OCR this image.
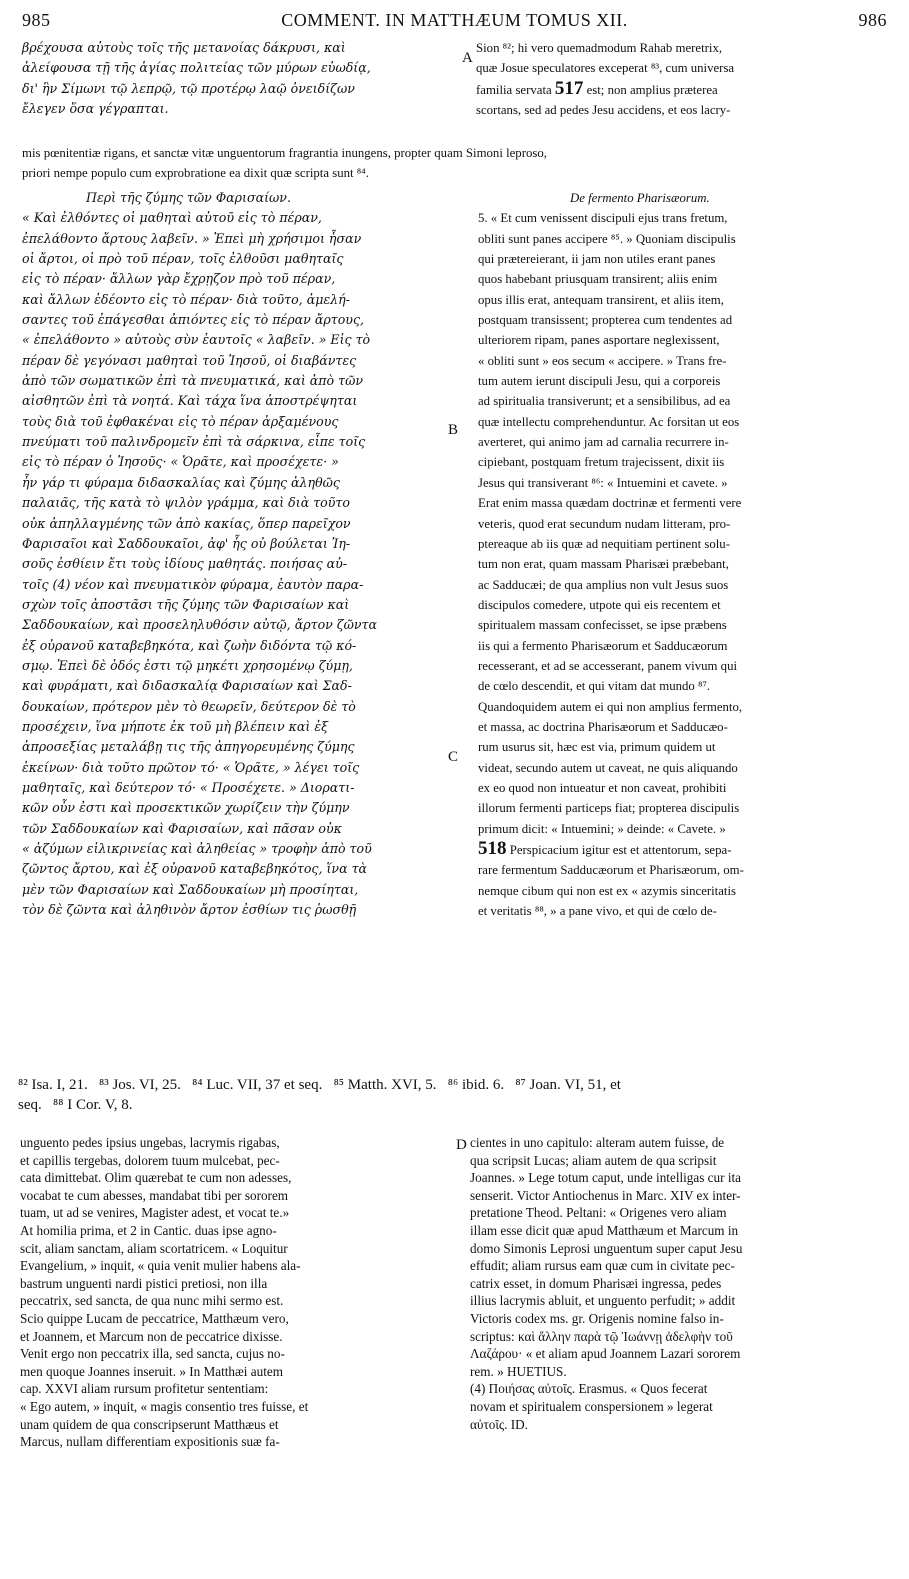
985	COMMENT. IN MATTHÆUM TOMUS XII.	986

βρέχουσα αὐτοὺς τοῖς τῆς μετανοίας δάκρυσι, καὶ

ἀλείφουσα τῇ τῆς ἁγίας πολιτείας τῶν μύρων εὐωδίᾳ,

δι' ἣν Σίμωνι τῷ λεπρῷ, τῷ προτέρῳ λαῷ ὀνειδίζων

ἔλεγεν ὅσα γέγραπται.

Sion ⁸²; hi vero quemadmodum Rahab meretrix,

quæ Josue speculatores exceperat ⁸³, cum universa

familia servata 517 est; non amplius præterea

scortans, sed ad pedes Jesu accidens, et eos lacry-

mis pœnitentiæ rigans, et sanctæ vitæ unguentorum fragrantia inungens, propter quam Simoni leproso,

priori nempe populo cum exprobratione ea dixit quæ scripta sunt ⁸⁴.

A
B
C
D

Περὶ τῆς ζύμης τῶν Φαρισαίων.

« Καὶ ἐλθόντες οἱ μαθηταὶ αὐτοῦ εἰς τὸ πέραν,

ἐπελάθοντο ἄρτους λαβεῖν. » Ἐπεὶ μὴ χρήσιμοι ἦσαν

οἱ ἄρτοι, οἱ πρὸ τοῦ πέραν, τοῖς ἐλθοῦσι μαθηταῖς

εἰς τὸ πέραν· ἄλλων γὰρ ἔχρῃζον πρὸ τοῦ πέραν,

καὶ ἄλλων ἐδέοντο εἰς τὸ πέραν· διὰ τοῦτο, ἀμελή-

σαντες τοῦ ἐπάγεσθαι ἀπιόντες εἰς τὸ πέραν ἄρτους,

« ἐπελάθοντο » αὐτοὺς σὺν ἑαυτοῖς « λαβεῖν. » Εἰς τὸ

πέραν δὲ γεγόνασι μαθηταὶ τοῦ Ἰησοῦ, οἱ διαβάντες

ἀπὸ τῶν σωματικῶν ἐπὶ τὰ πνευματικά, καὶ ἀπὸ τῶν

αἰσθητῶν ἐπὶ τὰ νοητά. Καὶ τάχα ἵνα ἀποστρέψηται

τοὺς διὰ τοῦ ἐφθακέναι εἰς τὸ πέραν ἀρξαμένους

πνεύματι τοῦ παλινδρομεῖν ἐπὶ τὰ σάρκινα, εἶπε τοῖς

εἰς τὸ πέραν ὁ Ἰησοῦς· « Ὁρᾶτε, καὶ προσέχετε· »

ἦν γάρ τι φύραμα διδασκαλίας καὶ ζύμης ἀληθῶς

παλαιᾶς, τῆς κατὰ τὸ ψιλὸν γράμμα, καὶ διὰ τοῦτο

οὐκ ἀπηλλαγμένης τῶν ἀπὸ κακίας, ὅπερ παρεῖχον

Φαρισαῖοι καὶ Σαδδουκαῖοι, ἀφ' ἧς οὐ βούλεται Ἰη-

σοῦς ἐσθίειν ἔτι τοὺς ἰδίους μαθητάς. ποιήσας αὐ-

τοῖς (4) νέον καὶ πνευματικὸν φύραμα, ἑαυτὸν παρα-

σχὼν τοῖς ἀποστᾶσι τῆς ζύμης τῶν Φαρισαίων καὶ

Σαδδουκαίων, καὶ προσεληλυθόσιν αὐτῷ, ἄρτον ζῶντα

ἐξ οὐρανοῦ καταβεβηκότα, καὶ ζωὴν διδόντα τῷ κό-

σμῳ. Ἐπεὶ δὲ ὁδός ἐστι τῷ μηκέτι χρησομένῳ ζύμῃ,

καὶ φυράματι, καὶ διδασκαλίᾳ Φαρισαίων καὶ Σαδ-

δουκαίων, πρότερον μὲν τὸ θεωρεῖν, δεύτερον δὲ τὸ

προσέχειν, ἵνα μήποτε ἐκ τοῦ μὴ βλέπειν καὶ ἐξ

ἀπροσεξίας μεταλάβῃ τις τῆς ἀπηγορευμένης ζύμης

ἐκείνων· διὰ τοῦτο πρῶτον τό· « Ὁρᾶτε, » λέγει τοῖς

μαθηταῖς, καὶ δεύτερον τό· « Προσέχετε. » Διορατι-

κῶν οὖν ἐστι καὶ προσεκτικῶν χωρίζειν τὴν ζύμην

τῶν Σαδδουκαίων καὶ Φαρισαίων, καὶ πᾶσαν οὐκ

« ἀζύμων εἰλικρινείας καὶ ἀληθείας » τροφὴν ἀπὸ τοῦ

ζῶντος ἄρτου, καὶ ἐξ οὐρανοῦ καταβεβηκότος, ἵνα τὰ

μὲν τῶν Φαρισαίων καὶ Σαδδουκαίων μὴ προσίηται,

τὸν δὲ ζῶντα καὶ ἀληθινὸν ἄρτον ἐσθίων τις ῥωσθῇ

De fermento Pharisæorum.

5. « Et cum venissent discipuli ejus trans fretum,

obliti sunt panes accipere ⁸⁵. » Quoniam discipulis

qui prætereierant, ii jam non utiles erant panes

quos habebant priusquam transirent; aliis enim

opus illis erat, antequam transirent, et aliis item,

postquam transissent; propterea cum tendentes ad

ulteriorem ripam, panes asportare neglexissent,

« obliti sunt » eos secum « accipere. » Trans fre-

tum autem ierunt discipuli Jesu, qui a corporeis

ad spiritualia transiverunt; et a sensibilibus, ad ea

quæ intellectu comprehenduntur. Ac forsitan ut eos

averteret, qui animo jam ad carnalia recurrere in-

cipiebant, postquam fretum trajecissent, dixit iis

Jesus qui transiverant ⁸⁶: « Intuemini et cavete. »

Erat enim massa quædam doctrinæ et fermenti vere

veteris, quod erat secundum nudam litteram, pro-

ptereaque ab iis quæ ad nequitiam pertinent solu-

tum non erat, quam massam Pharisæi præbebant,

ac Sadducæi; de qua amplius non vult Jesus suos

discipulos comedere, utpote qui eis recentem et

spiritualem massam confecisset, se ipse præbens

iis qui a fermento Pharisæorum et Sadducæorum

recesserant, et ad se accesserant, panem vivum qui

de cœlo descendit, et qui vitam dat mundo ⁸⁷.

Quandoquidem autem ei qui non amplius fermento,

et massa, ac doctrina Pharisæorum et Sadducæo-

rum usurus sit, hæc est via, primum quidem ut

videat, secundo autem ut caveat, ne quis aliquando

ex eo quod non intueatur et non caveat, prohibiti

illorum fermenti particeps fiat; propterea discipulis

primum dicit: « Intuemini; » deinde: « Cavete. »

518 Perspicacium igitur est et attentorum, sepa-

rare fermentum Sadducæorum et Pharisæorum, om-

nemque cibum qui non est ex « azymis sinceritatis

et veritatis ⁸⁸, » a pane vivo, et qui de cœlo de-

⁸² Isa. I, 21.   ⁸³ Jos. VI, 25.   ⁸⁴ Luc. VII, 37 et seq.   ⁸⁵ Matth. XVI, 5.   ⁸⁶ ibid. 6.   ⁸⁷ Joan. VI, 51, et

seq.   ⁸⁸ I Cor. V, 8.

unguento pedes ipsius ungebas, lacrymis rigabas,

et capillis tergebas, dolorem tuum mulcebat, pec-

cata dimittebat. Olim quærebat te cum non adesses,

vocabat te cum abesses, mandabat tibi per sororem

tuam, ut ad se venires, Magister adest, et vocat te.»

At homilia prima, et 2 in Cantic. duas ipse agno-

scit, aliam sanctam, aliam scortatricem. « Loquitur

Evangelium, » inquit, « quia venit mulier habens ala-

bastrum unguenti nardi pistici pretiosi, non illa

peccatrix, sed sancta, de qua nunc mihi sermo est.

Scio quippe Lucam de peccatrice, Matthæum vero,

et Joannem, et Marcum non de peccatrice dixisse.

Venit ergo non peccatrix illa, sed sancta, cujus no-

men quoque Joannes inseruit. » In Matthæi autem

cap. XXVI aliam rursum profitetur sententiam:

« Ego autem, » inquit, « magis consentio tres fuisse, et

unam quidem de qua conscripserunt Matthæus et

Marcus, nullam differentiam expositionis suæ fa-

cientes in uno capitulo: alteram autem fuisse, de

qua scripsit Lucas; aliam autem de qua scripsit

Joannes. » Lege totum caput, unde intelligas cur ita

senserit. Victor Antiochenus in Marc. XIV ex inter-

pretatione Theod. Peltani: « Origenes vero aliam

illam esse dicit quæ apud Matthæum et Marcum in

domo Simonis Leprosi unguentum super caput Jesu

effudit; aliam rursus eam quæ cum in civitate pec-

catrix esset, in domum Pharisæi ingressa, pedes

illius lacrymis abluit, et unguento perfudit; » addit

Victoris codex ms. gr. Origenis nomine falso in-

scriptus: καὶ ἄλλην παρὰ τῷ Ἰωάννῃ ἀδελφὴν τοῦ

Λαζάρου· « et aliam apud Joannem Lazari sororem

rem. » HUETIUS.

(4) Ποιήσας αὐτοῖς. Erasmus. « Quos fecerat

novam et spiritualem conspersionem » legerat

αὐτοῖς. ID.
